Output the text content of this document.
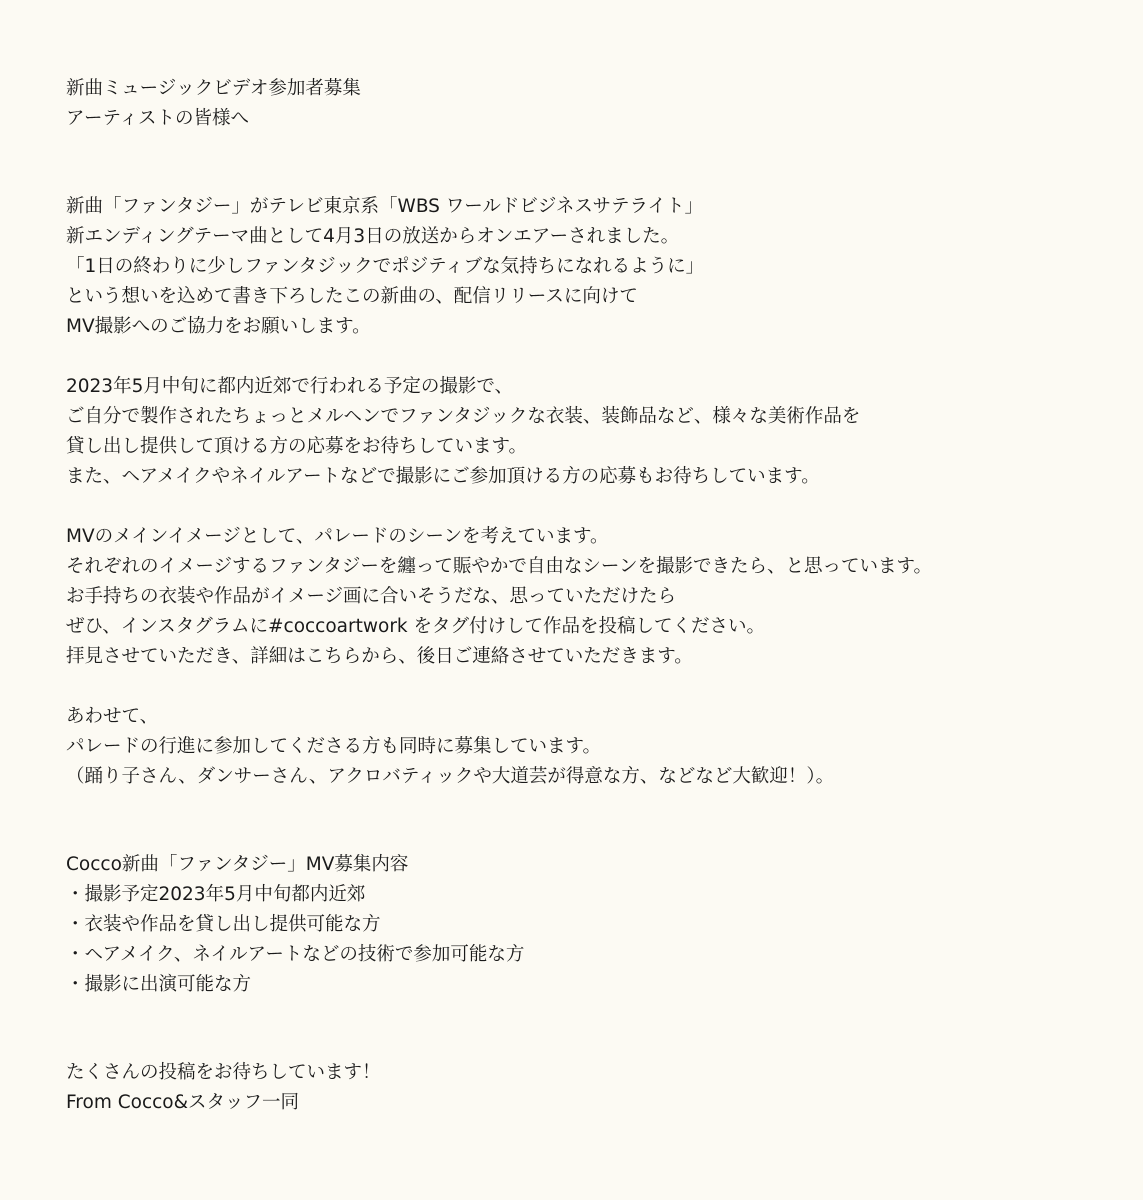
新曲ミュージックビデオ参加者募集
アーティストの皆様へ
新曲「ファンタジー」がテレビ東京系「WBS ワールドビジネスサテライト」
新エンディングテーマ曲として4月3日の放送からオンエアーされました。
「1日の終わりに少しファンタジックでポジティブな気持ちになれるように」
という想いを込めて書き下ろしたこの新曲の、配信リリースに向けて
MV撮影へのご協力をお願いします。
2023年5月中旬に都内近郊で行われる予定の撮影で、
ご自分で製作されたちょっとメルヘンでファンタジックな衣装、装飾品など、様々な美術作品を
貸し出し提供して頂ける方の応募をお待ちしています。
また、ヘアメイクやネイルアートなどで撮影にご参加頂ける方の応募もお待ちしています。
MVのメインイメージとして、パレードのシーンを考えています。
それぞれのイメージするファンタジーを纏って賑やかで自由なシーンを撮影できたら、と思っています。
お手持ちの衣装や作品がイメージ画に合いそうだな、思っていただけたら
ぜひ、インスタグラムに#coccoartwork をタグ付けして作品を投稿してください。
拝見させていただき、詳細はこちらから、後日ご連絡させていただきます。
あわせて、
パレードの行進に参加してくださる方も同時に募集しています。
（踊り子さん、ダンサーさん、アクロバティックや大道芸が得意な方、などなど大歓迎！）。
Cocco新曲「ファンタジー」MV募集内容
・撮影予定2023年5月中旬都内近郊
・衣装や作品を貸し出し提供可能な方
・ヘアメイク、ネイルアートなどの技術で参加可能な方
・撮影に出演可能な方
たくさんの投稿をお待ちしています！
From Cocco&スタッフ一同
